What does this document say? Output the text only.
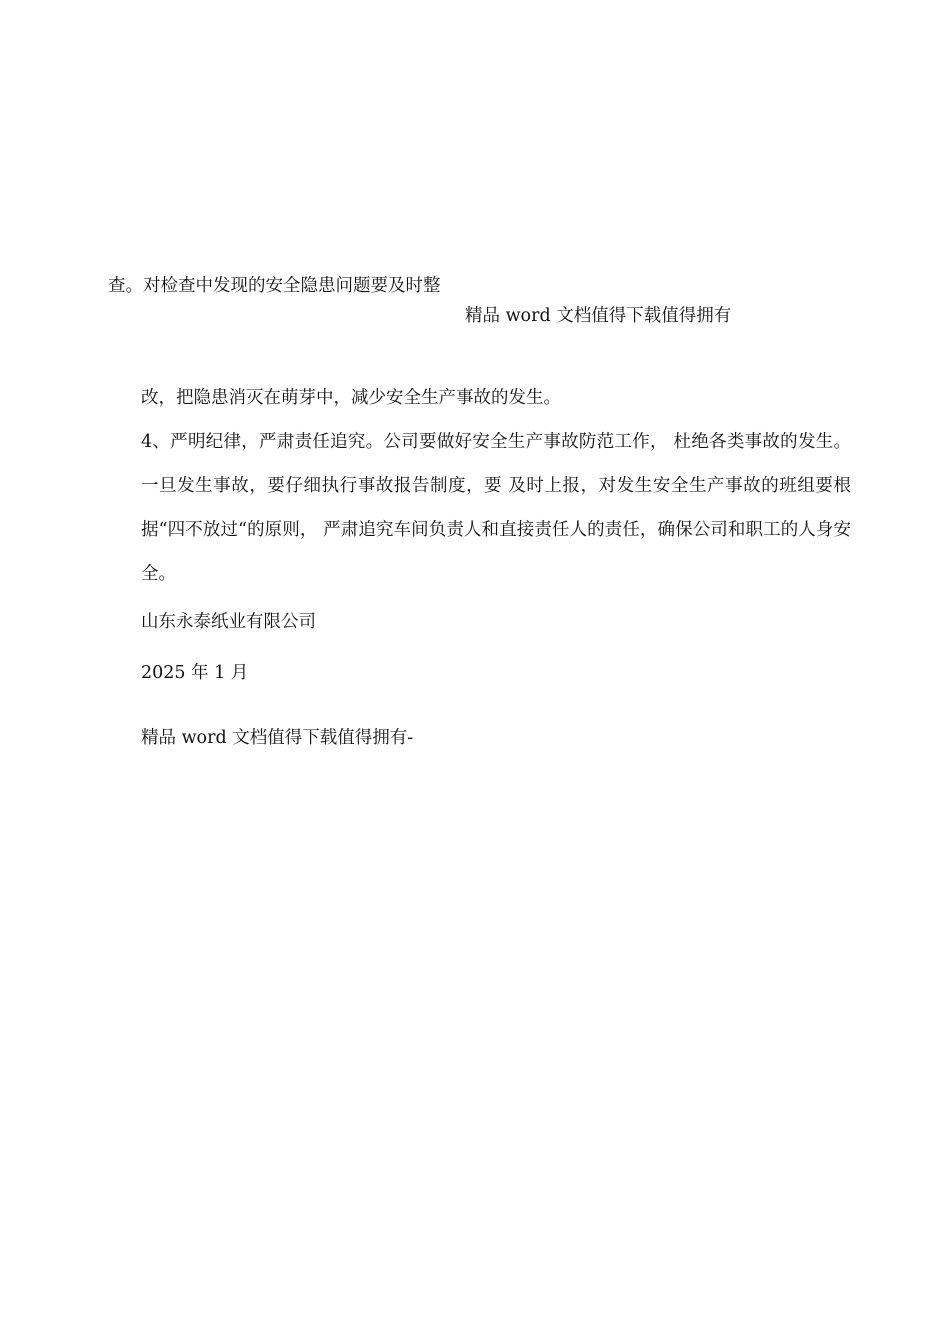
查。对检查中发现的安全隐患问题要及时整
精品 word 文档值得下载值得拥有

改，把隐患消灭在萌芽中，减少安全生产事故的发生。

4、严明纪律，严肃责任追究。公司要做好安全生产事故防范工作， 杜绝各类事故的发生。一旦发生事故，要仔细执行事故报告制度，要 及时上报，对发生安全生产事故的班组要根据“四不放过“的原则， 严肃追究车间负责人和直接责任人的责任，确保公司和职工的人身安 全。

山东永泰纸业有限公司
2025 年 1 月
精品 word 文档值得下载值得拥有-
